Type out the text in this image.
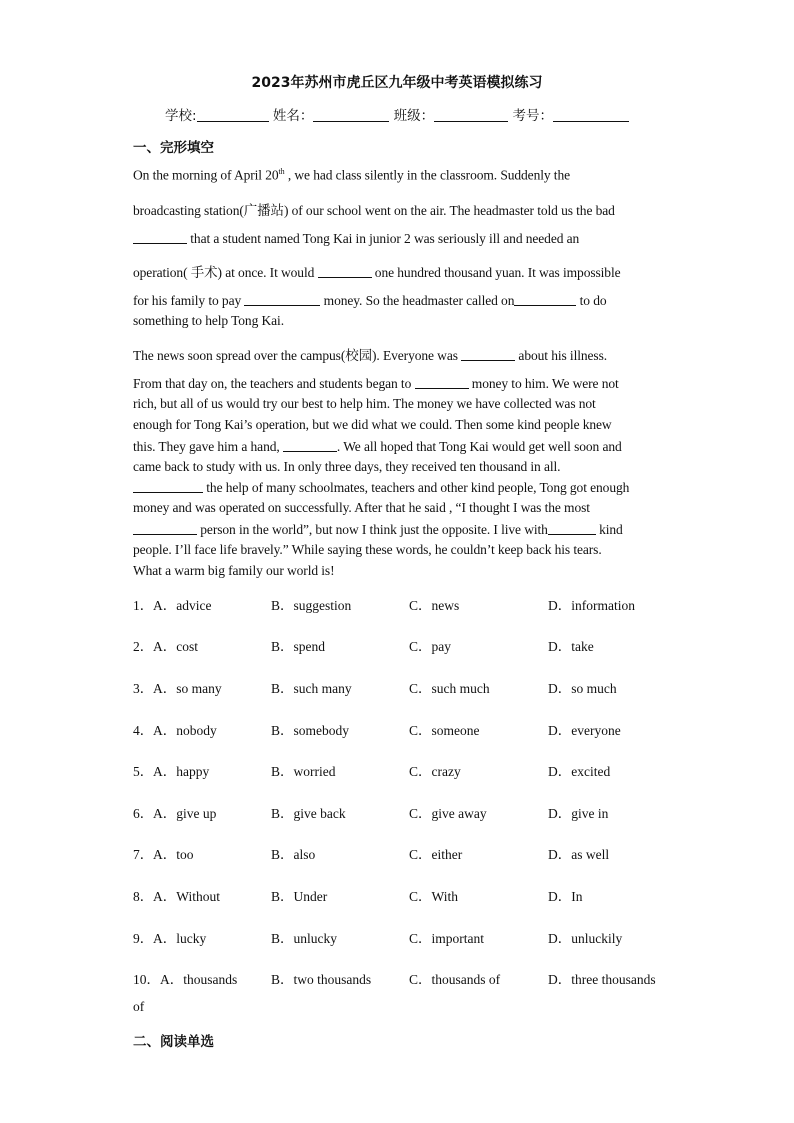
2023年苏州市虎丘区九年级中考英语模拟练习
学校:	姓名：	班级：	考号：
一、完形填空
On the morning of April 20th , we had class silently in the classroom. Suddenly the
broadcasting station(广播站) of our school went on the air. The headmaster told us the bad
that a student named Tong Kai in junior 2 was seriously ill and needed an
operation( 手术) at once. It would	one hundred thousand yuan. It was impossible
for his family to pay	money. So the headmaster called on	to do
something to help Tong Kai.
The news soon spread over the campus(校园). Everyone was	about his illness.
From that day on, the teachers and students began to	money to him. We were not
rich, but all of us would try our best to help him. The money we have collected was not
enough for Tong Kai’s operation, but we did what we could. Then some kind people knew
this. They gave him a hand,	. We all hoped that Tong Kai would get well soon and
came back to study with us. In only three days, they received ten thousand in all.
the help of many schoolmates, teachers and other kind people, Tong got enough
money and was operated on successfully. After that he said , “I thought I was the most
person in the world”, but now I think just the opposite. I live with	kind
people. I’ll face life bravely.” While saying these words, he couldn’t keep back his tears.
What a warm big family our world is!
1． A．advice	B．suggestion	C．news	D．information
2． A．cost	B．spend	C．pay	D．take
3． A．so many	B．such many	C．such much	D．so much
4． A．nobody	B．somebody	C．someone	D．everyone
5． A．happy	B．worried	C．crazy	D．excited
6． A．give up	B．give back	C．give away	D．give in
7． A．too	B．also	C．either	D．as well
8． A．Without	B．Under	C．With	D．In
9． A．lucky	B．unlucky	C．important	D．unluckily
10． A．thousands	B．two thousands	C．thousands of	D．three thousands
of
二、阅读单选
